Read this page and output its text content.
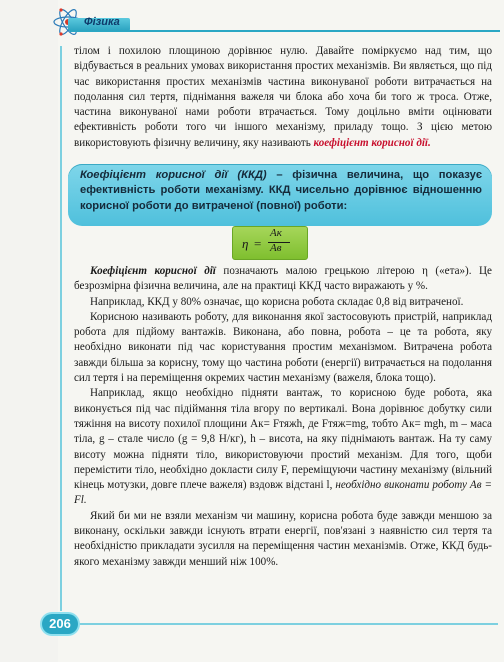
Фізика

тілом і похилою площиною дорівнює нулю. Давайте поміркуємо над тим, що відбувається в реальних умовах використання простих механізмів. Ви являється, що під час використання простих механізмів частина виконуваної роботи витрачається на подолання сил тертя, піднімання важеля чи блока або хоча би того ж троса. Отже, частина виконуваної нами роботи втрачається. Тому доцільно вміти оцінювати ефективність роботи того чи іншого механізму, приладу тощо. З цією метою використовують фізичну величину, яку називають коефіцієнт корисної дії.

Коефіцієнт корисної дії (ККД) – фізична величина, що показує ефективність роботи механізму. ККД чисельно дорівнює відношенню корисної роботи до витраченої (повної) роботи:
η =
Aк
Aв

Коефіцієнт корисної дії позначають малою грецькою літерою η («ета»). Це безрозмірна фізична величина, але на практиці ККД часто виражають у %.

Наприклад, ККД у 80% означає, що корисна робота складає 0,8 від витраченої.

Корисною називають роботу, для виконання якої застосовують пристрій, наприклад робота для підйому вантажів. Виконана, або повна, робота – це та робота, яку необхідно виконати під час користування простим механізмом. Витрачена робота завжди більша за корисну, тому що частина роботи (енергії) витрачається на подолання сил тертя і на переміщення окремих частин механізму (важеля, блока тощо).

Наприклад, якщо необхідно підняти вантаж, то корисною буде робота, яка виконується під час підіймання тіла вгору по вертикалі. Вона дорівнює добутку сили тяжіння на висоту похилої площини Aк= Fтяжh, де Fтяж=mg, тобто Aк= mgh, m – маса тіла, g – стале число (g = 9,8 Н/кг), h – висота, на яку піднімають вантаж. На ту саму висоту можна підняти тіло, використовуючи простий механізм. Для того, щоби перемістити тіло, необхідно докласти силу F, переміщуючи частину механізму (вільний кінець мотузки, довге плече важеля) вздовж відстані l, необхідно виконати роботу Aв = Fl.

Який би ми не взяли механізм чи машину, корисна робота буде завжди меншою за виконану, оскільки завжди існують втрати енергії, пов'язані з наявністю сил тертя та необхідністю прикладати зусилля на переміщення частин механізмів. Отже, ККД будь-якого механізму завжди менший ніж 100%.

206
